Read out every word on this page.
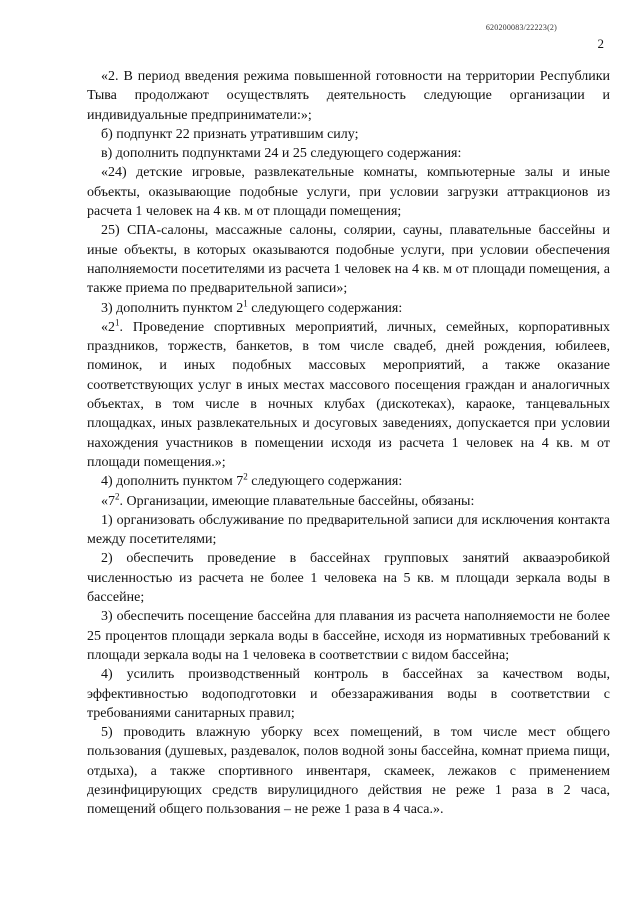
620200083/22223(2)
2

«2. В период введения режима повышенной готовности на территории Республики Тыва продолжают осуществлять деятельность следующие организации и индивидуальные предприниматели:»;

б) подпункт 22 признать утратившим силу;

в) дополнить подпунктами 24 и 25 следующего содержания:

«24) детские игровые, развлекательные комнаты, компьютерные залы и иные объекты, оказывающие подобные услуги, при условии загрузки аттракционов из расчета 1 человек на 4 кв. м от площади помещения;

25) СПА-салоны, массажные салоны, солярии, сауны, плавательные бассейны и иные объекты, в которых оказываются подобные услуги, при условии обеспечения наполняемости посетителями из расчета 1 человек на 4 кв. м от площади помещения, а также приема по предварительной записи»;

3) дополнить пунктом $2^1$ следующего содержания:

«$2^1$. Проведение спортивных мероприятий, личных, семейных, корпоративных праздников, торжеств, банкетов, в том числе свадеб, дней рождения, юбилеев, поминок, и иных подобных массовых мероприятий, а также оказание соответствующих услуг в иных местах массового посещения граждан и аналогичных объектах, в том числе в ночных клубах (дискотеках), караоке, танцевальных площадках, иных развлекательных и досуговых заведениях, допускается при условии нахождения участников в помещении исходя из расчета 1 человек на 4 кв. м от площади помещения.»;

4) дополнить пунктом $7^2$ следующего содержания:

«$7^2$. Организации, имеющие плавательные бассейны, обязаны:

1) организовать обслуживание по предварительной записи для исключения контакта между посетителями;

2) обеспечить проведение в бассейнах групповых занятий аквааэробикой численностью из расчета не более 1 человека на 5 кв. м площади зеркала воды в бассейне;

3) обеспечить посещение бассейна для плавания из расчета наполняемости не более 25 процентов площади зеркала воды в бассейне, исходя из нормативных требований к площади зеркала воды на 1 человека в соответствии с видом бассейна;

4) усилить производственный контроль в бассейнах за качеством воды, эффективностью водоподготовки и обеззараживания воды в соответствии с требованиями санитарных правил;

5) проводить влажную уборку всех помещений, в том числе мест общего пользования (душевых, раздевалок, полов водной зоны бассейна, комнат приема пищи, отдыха), а также спортивного инвентаря, скамеек, лежаков с применением дезинфицирующих средств вирулицидного действия не реже 1 раза в 2 часа, помещений общего пользования – не реже 1 раза в 4 часа.».
